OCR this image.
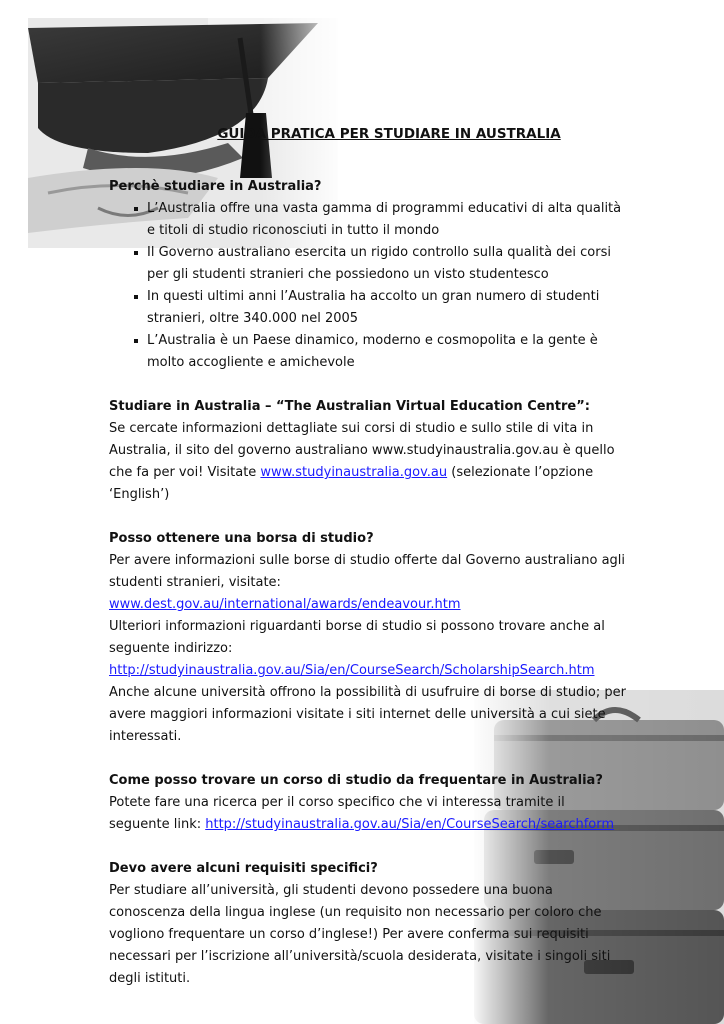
GUIDA PRATICA PER STUDIARE IN AUSTRALIA

Perchè studiare in Australia?

L’Australia offre una vasta gamma di programmi educativi di alta qualità e titoli di studio riconosciuti in tutto il mondo
Il Governo australiano esercita un rigido controllo sulla qualità dei corsi per gli studenti stranieri che possiedono un visto studentesco
In questi ultimi anni l’Australia ha accolto un gran numero di studenti stranieri, oltre 340.000 nel 2005
L’Australia è un Paese dinamico, moderno e cosmopolita e la gente è molto accogliente e amichevole

Studiare in Australia – “The Australian Virtual Education Centre”:

Se cercate informazioni dettagliate sui corsi di studio e sullo stile di vita in Australia, il sito del governo australiano www.studyinaustralia.gov.au è quello che fa per voi! Visitate www.studyinaustralia.gov.au (selezionate l’opzione ‘English’)

Posso ottenere una borsa di studio?

Per avere informazioni sulle borse di studio offerte dal Governo australiano agli studenti stranieri, visitate: www.dest.gov.au/international/awards/endeavour.htm

Ulteriori informazioni riguardanti borse di studio si possono trovare anche al seguente indirizzo:

http://studyinaustralia.gov.au/Sia/en/CourseSearch/ScholarshipSearch.htm

Anche alcune università offrono la possibilità di usufruire di borse di studio; per avere maggiori informazioni visitate i siti internet delle università a cui siete interessati.

Come posso trovare un corso di studio da frequentare in Australia?

Potete fare una ricerca per il corso specifico che vi interessa tramite il seguente link: http://studyinaustralia.gov.au/Sia/en/CourseSearch/searchform

Devo avere alcuni requisiti specifici?

Per studiare all’università, gli studenti devono possedere una buona conoscenza della lingua inglese (un requisito non necessario per coloro che vogliono frequentare un corso d’inglese!) Per avere conferma sui requisiti necessari per l’iscrizione all’università/scuola desiderata, visitate i singoli siti degli istituti.
